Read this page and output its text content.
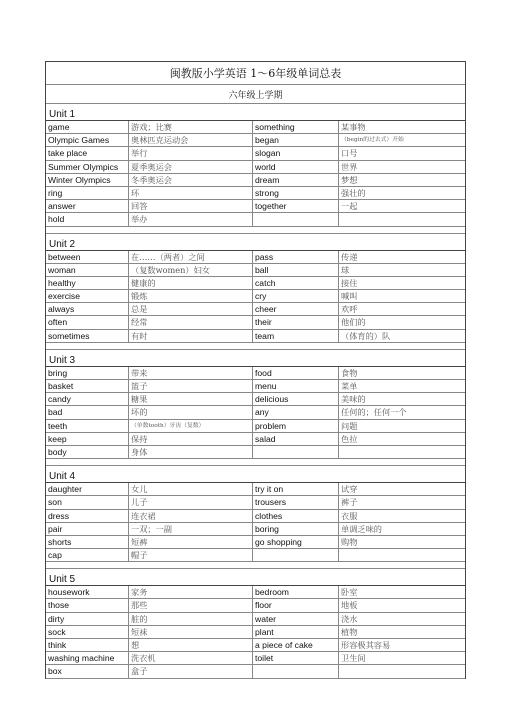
闽教版小学英语 1～6年级单词总表
六年级上学期
Unit 1
game	游戏；比赛	something	某事物
Olympic Games	奥林匹克运动会	began	（begin的过去式）开始
take place	举行	slogan	口号
Summer Olympics	夏季奥运会	world	世界
Winter Olympics	冬季奥运会	dream	梦想
ring	环	strong	强壮的
answer	回答	together	一起
hold	举办
Unit 2
between	在……（两者）之间	pass	传递
woman	（复数women）妇女	ball	球
healthy	健康的	catch	接住
exercise	锻炼	cry	喊叫
always	总是	cheer	欢呼
often	经常	their	他们的
sometimes	有时	team	（体育的）队
Unit 3
bring	带来	food	食物
basket	篮子	menu	菜单
candy	糖果	delicious	美味的
bad	坏的	any	任何的；任何一个
teeth	（单数tooth）牙齿（复数）	problem	问题
keep	保持	salad	色拉
body	身体
Unit 4
daughter	女儿	try it on	试穿
son	儿子	trousers	裤子
dress	连衣裙	clothes	衣服
pair	一双；一副	boring	单调乏味的
shorts	短裤	go shopping	购物
cap	帽子
Unit 5
housework	家务	bedroom	卧室
those	那些	floor	地板
dirty	脏的	water	浇水
sock	短袜	plant	植物
think	想	a piece of cake	形容极其容易
washing machine	洗衣机	toilet	卫生间
box	盒子
